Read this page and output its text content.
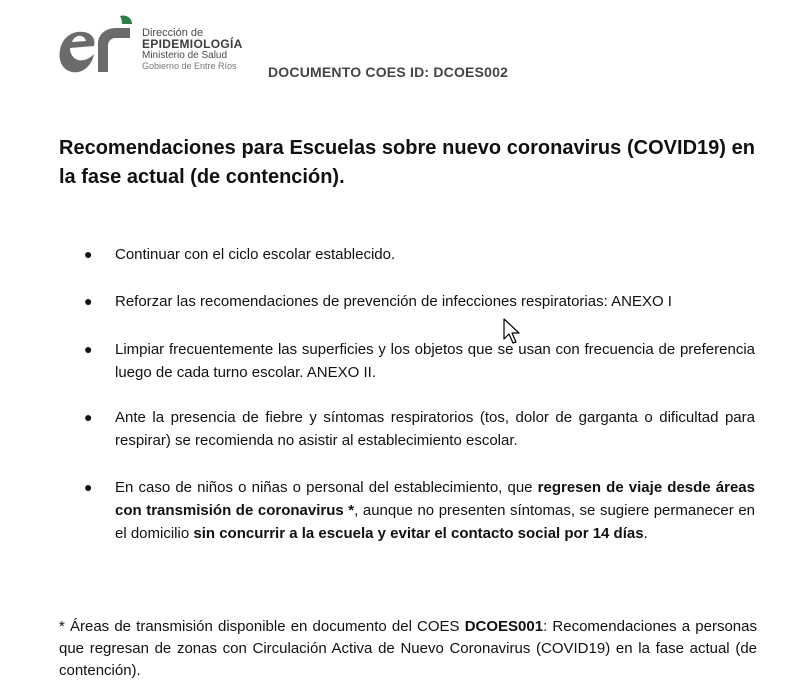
Dirección de
EPIDEMIOLOGÍA
Ministerio de Salud
Gobierno de Entre Ríos	DOCUMENTO COES ID: DCOES002
Recomendaciones para Escuelas sobre nuevo coronavirus (COVID19) en la fase actual (de contención).
● Continuar con el ciclo escolar establecido.
● Reforzar las recomendaciones de prevención de infecciones respiratorias: ANEXO I
● Limpiar frecuentemente las superficies y los objetos que se usan con frecuencia de preferencia luego de cada turno escolar. ANEXO II.
● Ante la presencia de fiebre y síntomas respiratorios (tos, dolor de garganta o dificultad para respirar) se recomienda no asistir al establecimiento escolar.
● En caso de niños o niñas o personal del establecimiento, que regresen de viaje desde áreas con transmisión de coronavirus *, aunque no presenten síntomas, se sugiere permanecer en el domicilio sin concurrir a la escuela y evitar el contacto social por 14 días.
* Áreas de transmisión disponible en documento del COES DCOES001: Recomendaciones a personas que regresan de zonas con Circulación Activa de Nuevo Coronavirus (COVID19) en la fase actual (de contención).
